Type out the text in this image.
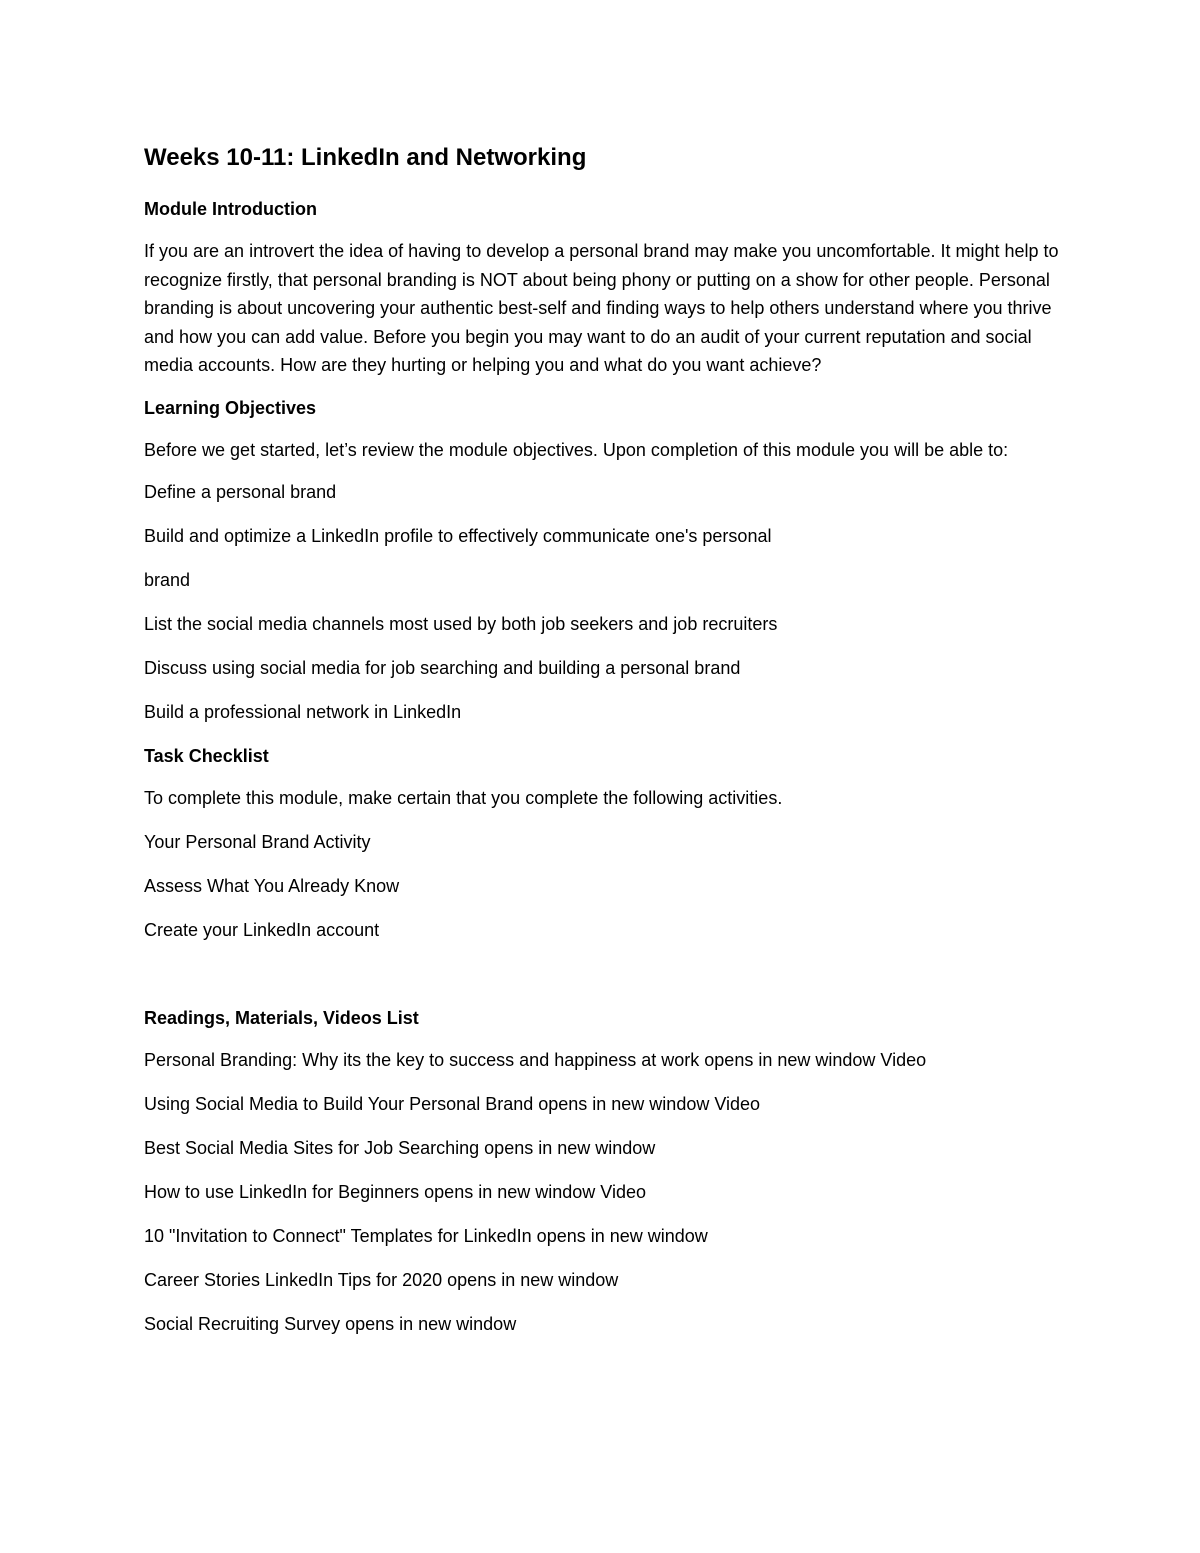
Weeks 10-11: LinkedIn and Networking
Module Introduction

If you are an introvert the idea of having to develop a personal brand may make you uncomfortable. It might help to recognize firstly, that personal branding is NOT about being phony or putting on a show for other people. Personal branding is about uncovering your authentic best-self and finding ways to help others understand where you thrive and how you can add value. Before you begin you may want to do an audit of your current reputation and social media accounts. How are they hurting or helping you and what do you want achieve?

Learning Objectives

Before we get started, let’s review the module objectives. Upon completion of this module you will be able to:

Define a personal brand
Build and optimize a LinkedIn profile to effectively communicate one's personal
brand
List the social media channels most used by both job seekers and job recruiters
Discuss using social media for job searching and building a personal brand
Build a professional network in LinkedIn
Task Checklist
To complete this module, make certain that you complete the following activities.
Your Personal Brand Activity
Assess What You Already Know
Create your LinkedIn account
Readings, Materials, Videos List
Personal Branding: Why its the key to success and happiness at work opens in new window Video
Using Social Media to Build Your Personal Brand opens in new window Video
Best Social Media Sites for Job Searching opens in new window
How to use LinkedIn for Beginners opens in new window Video
10 "Invitation to Connect" Templates for LinkedIn opens in new window
Career Stories LinkedIn Tips for 2020 opens in new window
Social Recruiting Survey opens in new window
